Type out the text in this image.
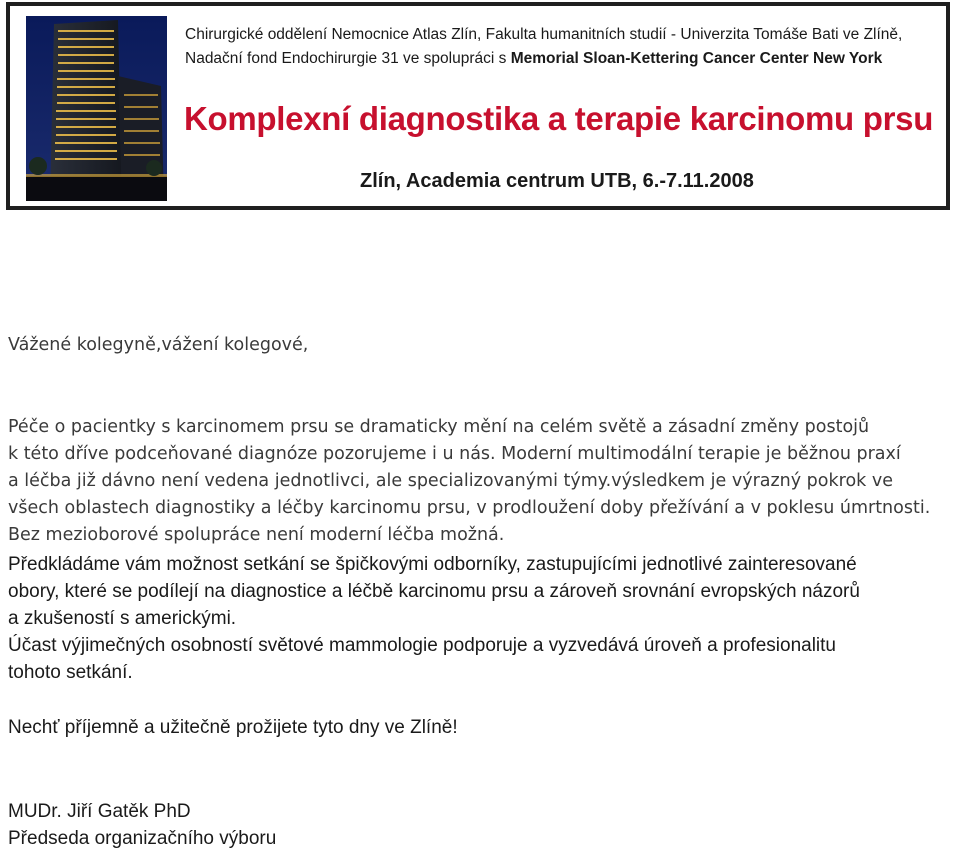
Chirurgické oddělení Nemocnice Atlas Zlín, Fakulta humanitních studií - Univerzita Tomáše Bati ve Zlíně,
Nadační fond Endochirurgie 31 ve spolupráci s Memorial Sloan-Kettering Cancer Center New York
Komplexní diagnostika a terapie karcinomu prsu
Zlín, Academia centrum UTB, 6.-7.11.2008
Vážené kolegyně,vážení kolegové,
Péče o pacientky s karcinomem prsu se dramaticky mění na celém světě a zásadní změny postojů
k této dříve podceňované diagnóze pozorujeme i u nás. Moderní multimodální terapie je běžnou praxí
a léčba již dávno není vedena jednotlivci, ale specializovanými týmy.výsledkem je výrazný pokrok ve
všech oblastech diagnostiky a léčby karcinomu prsu, v prodloužení doby přežívání a v poklesu úmrtnosti.
Bez mezioborové spolupráce není moderní léčba možná.
Předkládáme vám možnost setkání se špičkovými odborníky, zastupujícími jednotlivé zainteresované
obory, které se podílejí na diagnostice a léčbě karcinomu prsu a zároveň srovnání evropských názorů
a zkušeností s americkými.
Účast výjimečných osobností světové mammologie podporuje a vyzvedává úroveň a profesionalitu
tohoto setkání.
Nechť příjemně a užitečně prožijete tyto dny ve Zlíně!
MUDr. Jiří Gatěk PhD
Předseda organizačního výboru
